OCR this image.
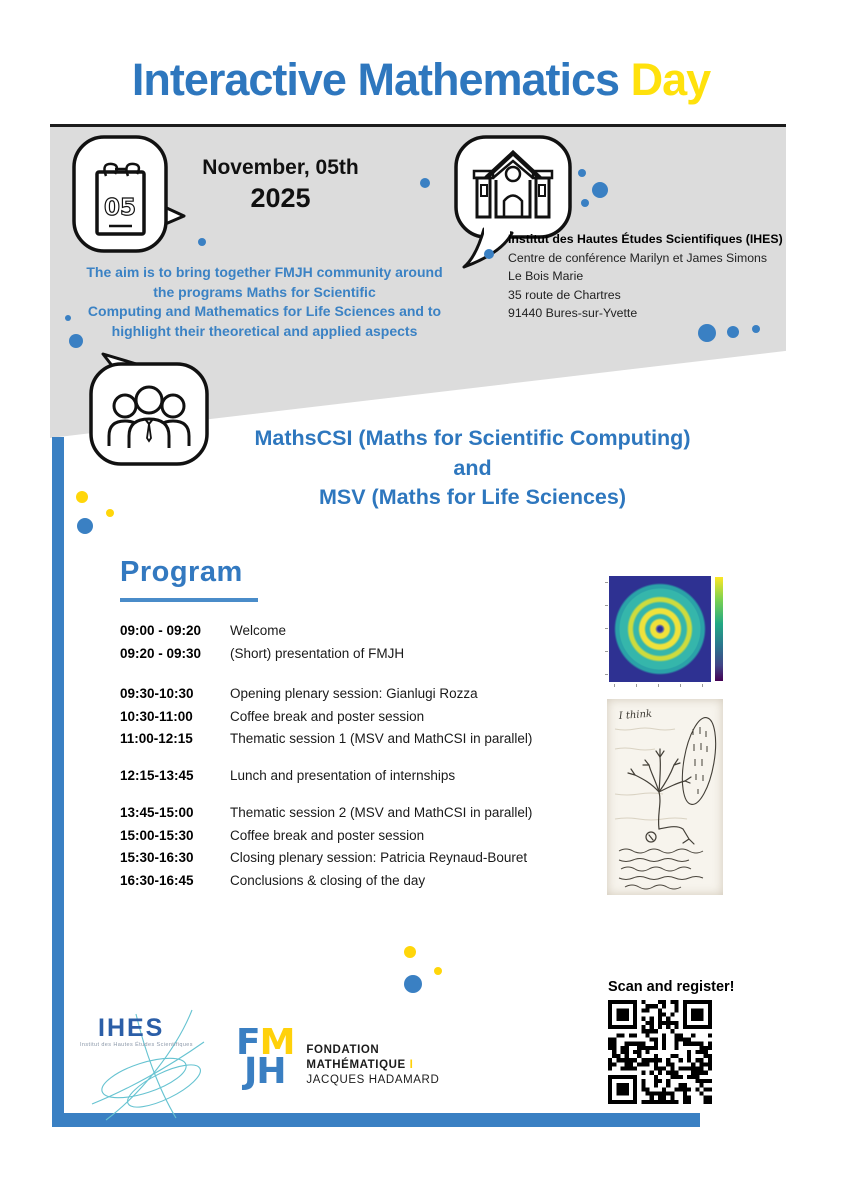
Interactive Mathematics Day
05
November, 05th
2025
Institut des Hautes Études Scientifiques (IHES)
Centre de conférence Marilyn et James Simons
Le Bois Marie
35 route de Chartres
91440 Bures-sur-Yvette
The aim is to bring together FMJH community around
the programs Maths for Scientific
Computing and Mathematics for Life Sciences and to
highlight their theoretical and applied aspects
MathsCSI (Maths for Scientific Computing)
and
MSV (Maths for Life Sciences)
Program
09:00 - 09:20	Welcome
09:20 - 09:30	(Short) presentation of FMJH
09:30-10:30	Opening plenary session: Gianlugi Rozza
10:30-11:00	Coffee break and poster session
11:00-12:15	Thematic session 1 (MSV and MathCSI in parallel)
12:15-13:45	Lunch and presentation of internships
13:45-15:00	Thematic session 2 (MSV and MathCSI in parallel)
15:00-15:30	Coffee break and poster session
15:30-16:30	Closing plenary session: Patricia Reynaud-Bouret
16:30-16:45	Conclusions & closing of the day
I think
Scan and register!
IHES
Institut des Hautes Études Scientifiques FM
JH
FONDATION
MATHÉMATIQUE I
JACQUES HADAMARD
